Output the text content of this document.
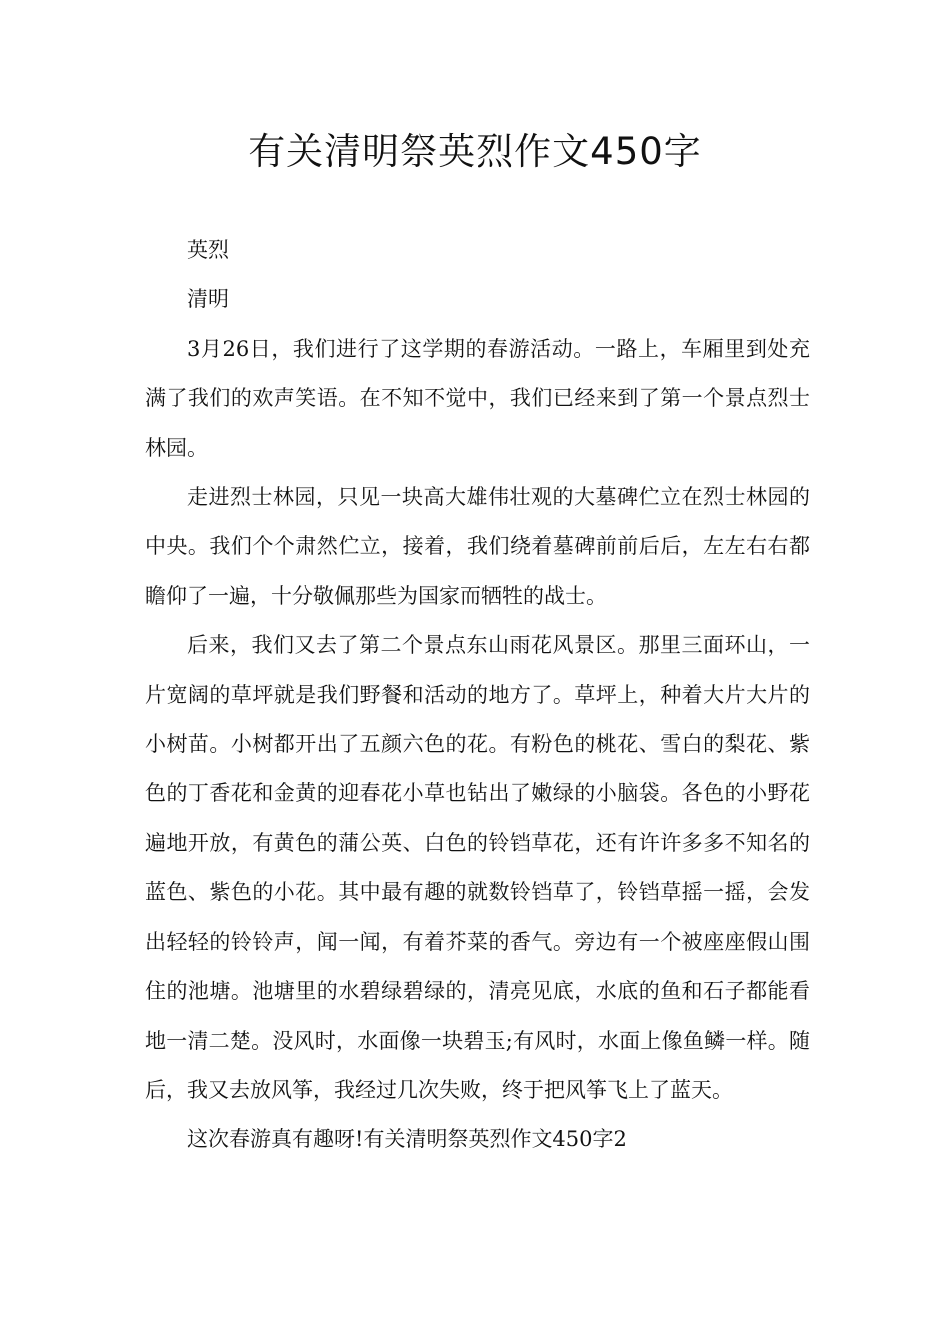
有关清明祭英烈作文450字

英烈

清明

3月26日，我们进行了这学期的春游活动。一路上，车厢里到处充满了我们的欢声笑语。在不知不觉中，我们已经来到了第一个景点烈士林园。

走进烈士林园，只见一块高大雄伟壮观的大墓碑伫立在烈士林园的中央。我们个个肃然伫立，接着，我们绕着墓碑前前后后，左左右右都瞻仰了一遍，十分敬佩那些为国家而牺牲的战士。

后来，我们又去了第二个景点东山雨花风景区。那里三面环山，一片宽阔的草坪就是我们野餐和活动的地方了。草坪上，种着大片大片的小树苗。小树都开出了五颜六色的花。有粉色的桃花、雪白的梨花、紫色的丁香花和金黄的迎春花小草也钻出了嫩绿的小脑袋。各色的小野花遍地开放，有黄色的蒲公英、白色的铃铛草花，还有许许多多不知名的蓝色、紫色的小花。其中最有趣的就数铃铛草了，铃铛草摇一摇，会发出轻轻的铃铃声，闻一闻，有着芥菜的香气。旁边有一个被座座假山围住的池塘。池塘里的水碧绿碧绿的，清亮见底，水底的鱼和石子都能看地一清二楚。没风时，水面像一块碧玉;有风时，水面上像鱼鳞一样。随后，我又去放风筝，我经过几次失败，终于把风筝飞上了蓝天。

这次春游真有趣呀!有关清明祭英烈作文450字2
